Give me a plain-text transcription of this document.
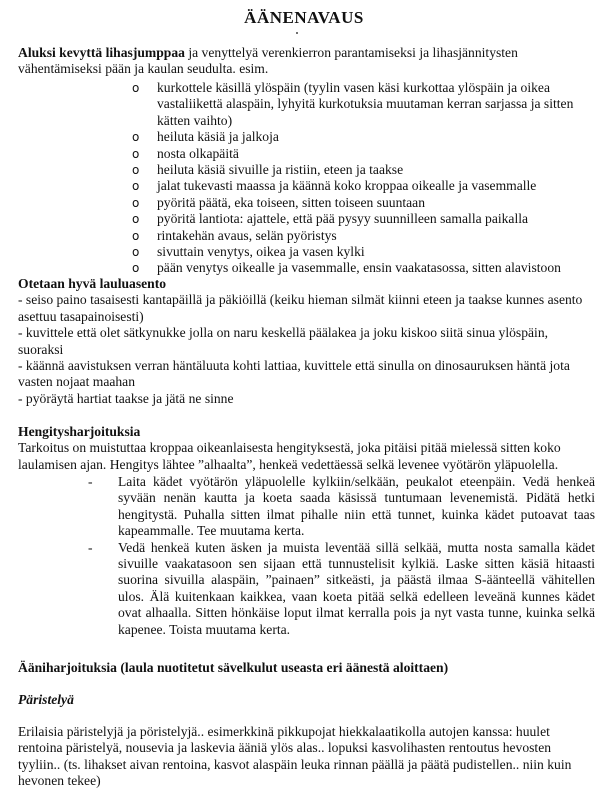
ÄÄNENAVAUS

Aluksi kevyttä lihasjumppaa ja venyttelyä verenkierron parantamiseksi ja lihasjännitysten vähentämiseksi pään ja kaulan seudulta. esim.

o kurkottele käsillä ylöspäin (tyylin vasen käsi kurkottaa ylöspäin ja oikea vastaliikettä alaspäin, lyhyitä kurkotuksia muutaman kerran sarjassa ja sitten kätten vaihto)
o heiluta käsiä ja jalkoja
o nosta olkapäitä
o heiluta käsiä sivuille ja ristiin, eteen ja taakse
o jalat tukevasti maassa ja käännä koko kroppaa oikealle ja vasemmalle
o pyöritä päätä, eka toiseen, sitten toiseen suuntaan
o pyöritä lantiota: ajattele, että pää pysyy suunnilleen samalla paikalla
o rintakehän avaus, selän pyöristys
o sivuttain venytys, oikea ja vasen kylki
o pään venytys oikealle ja vasemmalle, ensin vaakatasossa, sitten alavistoon

Otetaan hyvä lauluasento

- seiso paino tasaisesti kantapäillä ja päkiöillä (keiku hieman silmät kiinni eteen ja taakse kunnes asento asettuu tasapainoisesti)

- kuvittele että olet sätkynukke jolla on naru keskellä päälakea ja joku kiskoo siitä sinua ylöspäin, suoraksi

- käännä aavistuksen verran häntäluuta kohti lattiaa, kuvittele että sinulla on dinosauruksen häntä jota vasten nojaat maahan

- pyöräytä hartiat taakse ja jätä ne sinne

Hengitysharjoituksia

Tarkoitus on muistuttaa kroppaa oikeanlaisesta hengityksestä, joka pitäisi pitää mielessä sitten koko laulamisen ajan. Hengitys lähtee ”alhaalta”, henkeä vedettäessä selkä levenee vyötärön yläpuolella.

- Laita kädet vyötärön yläpuolelle kylkiin/selkään, peukalot eteenpäin. Vedä henkeä syvään nenän kautta ja koeta saada käsissä tuntumaan levenemistä. Pidätä hetki hengitystä. Puhalla sitten ilmat pihalle niin että tunnet, kuinka kädet putoavat taas kapeammalle. Tee muutama kerta.
- Vedä henkeä kuten äsken ja muista leventää sillä selkää, mutta nosta samalla kädet sivuille vaakatasoon sen sijaan että tunnustelisit kylkiä. Laske sitten käsiä hitaasti suorina sivuilla alaspäin, ”painaen” sitkeästi, ja päästä ilmaa S-äänteellä vähitellen ulos. Älä kuitenkaan kaikkea, vaan koeta pitää selkä edelleen leveänä kunnes kädet ovat alhaalla. Sitten hönkäise loput ilmat kerralla pois ja nyt vasta tunne, kuinka selkä kapenee. Toista muutama kerta.

Ääniharjoituksia (laula nuotitetut sävelkulut useasta eri äänestä aloittaen)

Päristelyä

Erilaisia päristelyjä ja pöristelyjä.. esimerkkinä pikkupojat hiekkalaatikolla autojen kanssa: huulet rentoina päristelyä, nousevia ja laskevia ääniä ylös alas.. lopuksi kasvolihasten rentoutus hevosten tyyliin.. (ts. lihakset aivan rentoina, kasvot alaspäin leuka rinnan päällä ja päätä pudistellen.. niin kuin hevonen tekee)
